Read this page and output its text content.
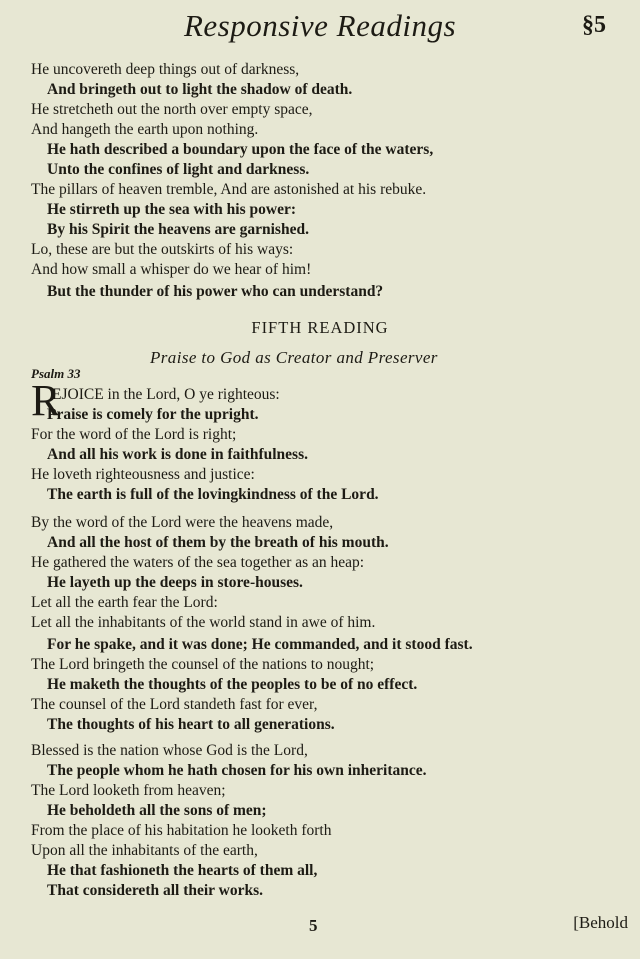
Responsive Readings	§5
He uncovereth deep things out of darkness,
And bringeth out to light the shadow of death.
He stretcheth out the north over empty space,
And hangeth the earth upon nothing.
He hath described a boundary upon the face of the waters,
Unto the confines of light and darkness.
The pillars of heaven tremble, And are astonished at his rebuke.
He stirreth up the sea with his power:
By his Spirit the heavens are garnished.
Lo, these are but the outskirts of his ways:
And how small a whisper do we hear of him!
But the thunder of his power who can understand?
FIFTH READING
Praise to God as Creator and Preserver
Psalm 33
R
EJOICE in the Lord, O ye righteous:
Praise is comely for the upright.
For the word of the Lord is right;
And all his work is done in faithfulness.
He loveth righteousness and justice:
The earth is full of the lovingkindness of the Lord.
By the word of the Lord were the heavens made,
And all the host of them by the breath of his mouth.
He gathered the waters of the sea together as an heap:
He layeth up the deeps in store-houses.
Let all the earth fear the Lord:
Let all the inhabitants of the world stand in awe of him.
For he spake, and it was done; He commanded, and it stood fast.
The Lord bringeth the counsel of the nations to nought;
He maketh the thoughts of the peoples to be of no effect.
The counsel of the Lord standeth fast for ever,
The thoughts of his heart to all generations.
Blessed is the nation whose God is the Lord,
The people whom he hath chosen for his own inheritance.
The Lord looketh from heaven;
He beholdeth all the sons of men;
From the place of his habitation he looketh forth
Upon all the inhabitants of the earth,
He that fashioneth the hearts of them all,
That considereth all their works.
5	[Behold
